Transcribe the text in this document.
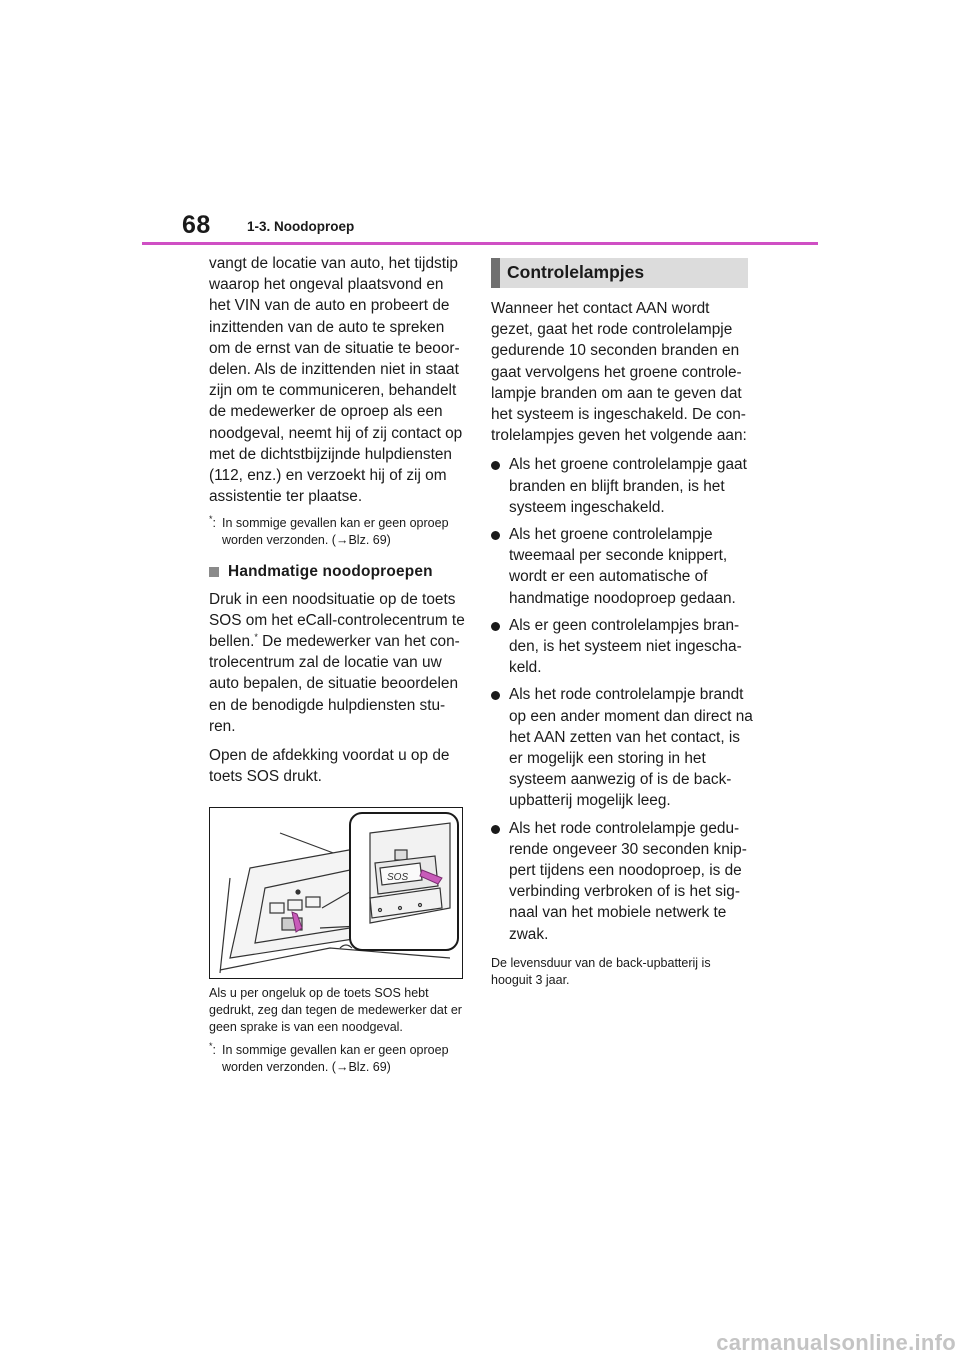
68	1-3. Noodoproep

vangt de locatie van auto, het tijdstip waarop het ongeval plaatsvond en het VIN van de auto en probeert de inzittenden van de auto te spreken om de ernst van de situatie te beoor-delen. Als de inzittenden niet in staat zijn om te communiceren, behandelt de medewerker de oproep als een noodgeval, neemt hij of zij contact op met de dichtstbijzijnde hulpdiensten (112, enz.) en verzoekt hij of zij om assistentie ter plaatse.

*: In sommige gevallen kan er geen oproep worden verzonden. (→Blz. 69)
Handmatige noodoproepen

Druk in een noodsituatie op de toets SOS om het eCall-controlecentrum te bellen.* De medewerker van het con-trolecentrum zal de locatie van uw auto bepalen, de situatie beoordelen en de benodigde hulpdiensten stu-ren.

Open de afdekking voordat u op de toets SOS drukt.

SOS

Als u per ongeluk op de toets SOS hebt gedrukt, zeg dan tegen de medewerker dat er geen sprake is van een noodgeval.

*: In sommige gevallen kan er geen oproep worden verzonden. (→Blz. 69)
Controlelampjes

Wanneer het contact AAN wordt gezet, gaat het rode controlelampje gedurende 10 seconden branden en gaat vervolgens het groene controle-lampje branden om aan te geven dat het systeem is ingeschakeld. De con-trolelampjes geven het volgende aan:

Als het groene controlelampje gaat branden en blijft branden, is het systeem ingeschakeld.
Als het groene controlelampje tweemaal per seconde knippert, wordt er een automatische of handmatige noodoproep gedaan.
Als er geen controlelampjes bran-den, is het systeem niet ingescha-keld.
Als het rode controlelampje brandt op een ander moment dan direct na het AAN zetten van het contact, is er mogelijk een storing in het systeem aanwezig of is de back-upbatterij mogelijk leeg.
Als het rode controlelampje gedu-rende ongeveer 30 seconden knip-pert tijdens een noodoproep, is de verbinding verbroken of is het sig-naal van het mobiele netwerk te zwak.
De levensduur van de back-upbatterij is hooguit 3 jaar.
carmanualsonline.info
